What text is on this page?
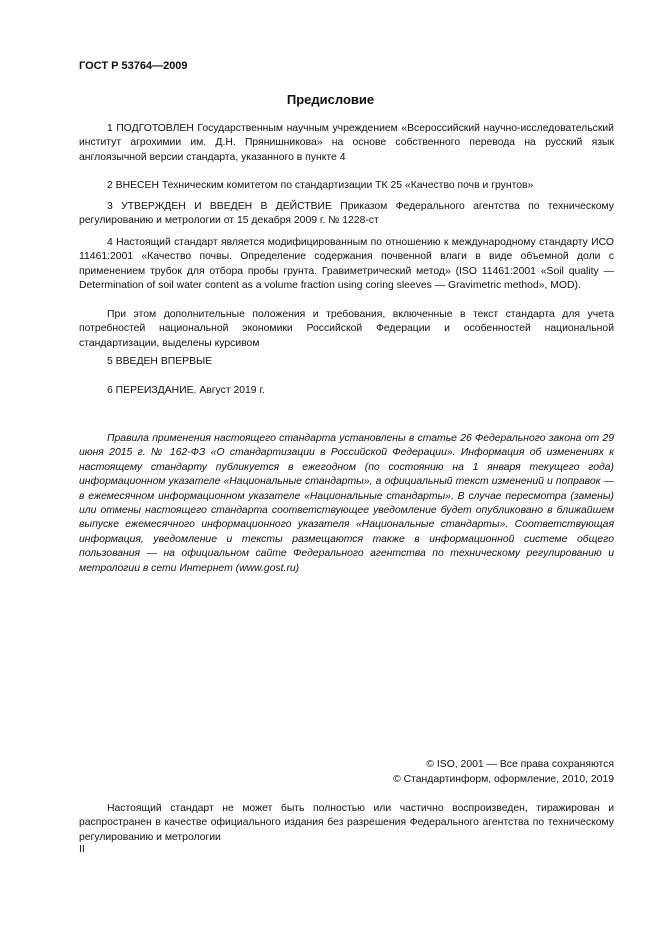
ГОСТ Р 53764—2009

Предисловие

1 ПОДГОТОВЛЕН Государственным научным учреждением «Всероссийский научно-исследовательский институт агрохимии им. Д.Н. Прянишникова» на основе собственного перевода на русский язык англоязычной версии стандарта, указанного в пункте 4

2 ВНЕСЕН Техническим комитетом по стандартизации ТК 25 «Качество почв и грунтов»

3 УТВЕРЖДЕН И ВВЕДЕН В ДЕЙСТВИЕ Приказом Федерального агентства по техническому регулированию и метрологии от 15 декабря 2009 г. № 1228-ст

4 Настоящий стандарт является модифицированным по отношению к международному стандарту ИСО 11461:2001 «Качество почвы. Определение содержания почвенной влаги в виде объемной доли с применением трубок для отбора пробы грунта. Гравиметрический метод» (ISO 11461:2001 «Soil quality — Determination of soil water content as a volume fraction using coring sleeves — Gravimetric method», MOD).

При этом дополнительные положения и требования, включенные в текст стандарта для учета потребностей национальной экономики Российской Федерации и особенностей национальной стандартизации, выделены курсивом

5 ВВЕДЕН ВПЕРВЫЕ

6 ПЕРЕИЗДАНИЕ. Август 2019 г.

Правила применения настоящего стандарта установлены в статье 26 Федерального закона от 29 июня 2015 г. № 162-ФЗ «О стандартизации в Российской Федерации». Информация об изменениях к настоящему стандарту публикуется в ежегодном (по состоянию на 1 января текущего года) информационном указателе «Национальные стандарты», а официальный текст изменений и поправок — в ежемесячном информационном указателе «Национальные стандарты». В случае пересмотра (замены) или отмены настоящего стандарта соответствующее уведомление будет опубликовано в ближайшем выпуске ежемесячного информационного указателя «Национальные стандарты». Соответствующая информация, уведомление и тексты размещаются также в информационной системе общего пользования — на официальном сайте Федерального агентства по техническому регулированию и метрологии в сети Интернет (www.gost.ru)

© ISO, 2001 — Все права сохраняются

© Стандартинформ, оформление, 2010, 2019

Настоящий стандарт не может быть полностью или частично воспроизведен, тиражирован и распространен в качестве официального издания без разрешения Федерального агентства по техническому регулированию и метрологии

II
